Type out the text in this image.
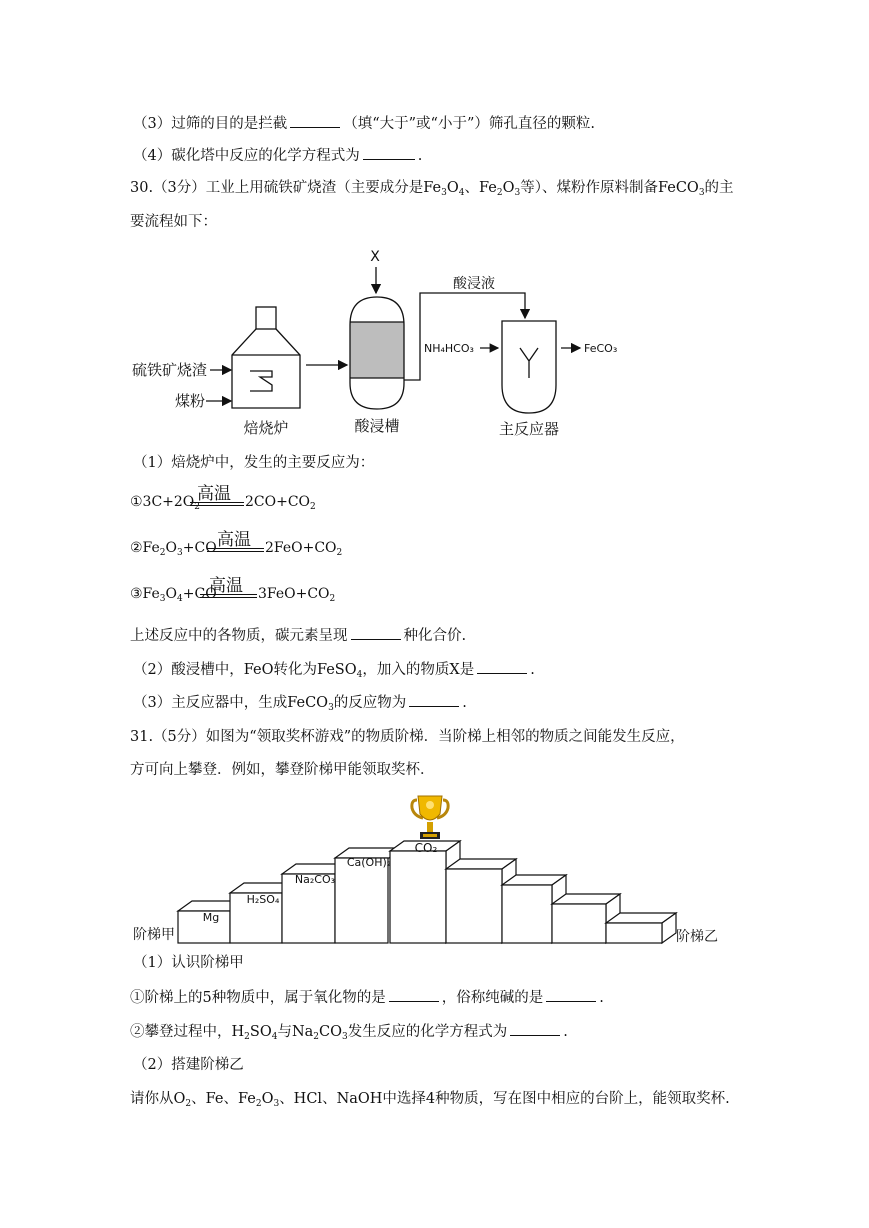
（3）过筛的目的是拦截	（填“大于”或“小于”）筛孔直径的颗粒.
（4）碳化塔中反应的化学方程式为	.
30.（3分）工业上用硫铁矿烧渣（主要成分是$Fe_3O_4$、$Fe_2O_3$等）、煤粉作原料制备FeCO$_3$的主
要流程如下：
X
硫铁矿烧渣
煤粉
焙烧炉	酸浸槽
酸浸液
NH₄HCO₃
主反应器
FeCO₃
（1）焙烧炉中，发生的主要反应为：
$①3C+2O_2$
高温 $2CO+CO_2$
$②Fe_2O_3+CO$ 高温 $2FeO+CO_2$
$③Fe_3O_4+CO$
高温 $3FeO+CO_2$
上述反应中的各物质，碳元素呈现	种化合价.
（2）酸浸槽中，FeO转化为FeSO$_4$，加入的物质X是	.
（3）主反应器中，生成FeCO$_3$的反应物为	.
31.（5分）如图为“领取奖杯游戏”的物质阶梯．当阶梯上相邻的物质之间能发生反应，
方可向上攀登．例如，攀登阶梯甲能领取奖杯．
Mg
H₂SO₄
Na₂CO₃
Ca(OH)₂
CO₂
阶梯甲	阶梯乙
（1）认识阶梯甲
①阶梯上的5种物质中，属于氧化物的是	，俗称纯碱的是	.
②攀登过程中，$H_2SO_4$与$Na_2CO_3$发生反应的化学方程式为	.
（2）搭建阶梯乙
请你从$O_2$、Fe、$Fe_2O_3$、HCl、NaOH中选择4种物质，写在图中相应的台阶上，能领取奖杯.
